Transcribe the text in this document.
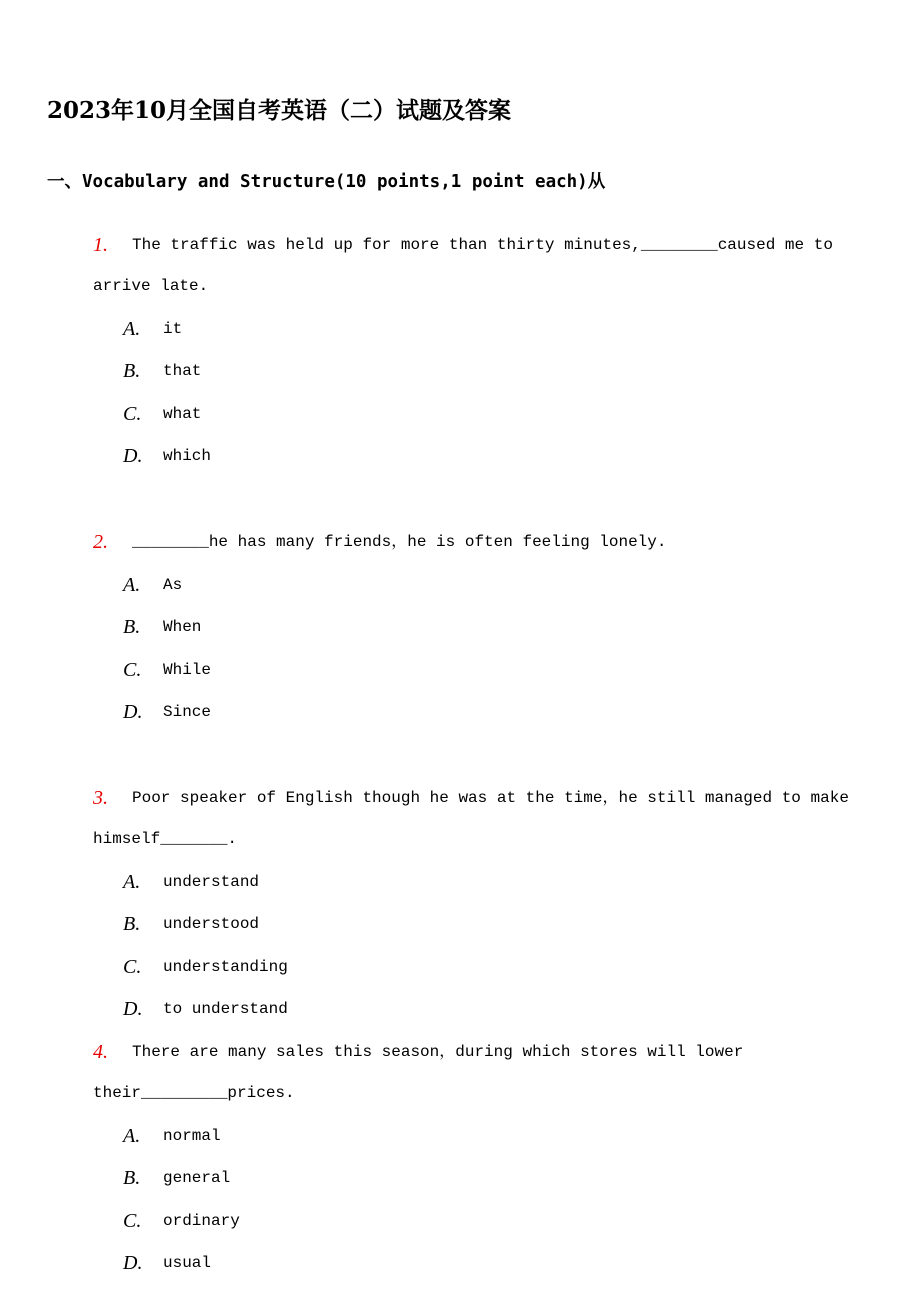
2023年10月全国自考英语（二）试题及答案
一、Vocabulary and Structure(10 points,1 point each)从
1. The traffic was held up for more than thirty minutes,________caused me to
arrive late.
A. it
B. that
C. what
D. which
2. ________he has many friends，he is often feeling lonely.
A. As
B. When
C. While
D. Since
3. Poor speaker of English though he was at the time，he still managed to make
himself_______.
A. understand
B. understood
C. understanding
D. to understand
4. There are many sales this season，during which stores will lower
their_________prices.
A. normal
B. general
C. ordinary
D. usual
